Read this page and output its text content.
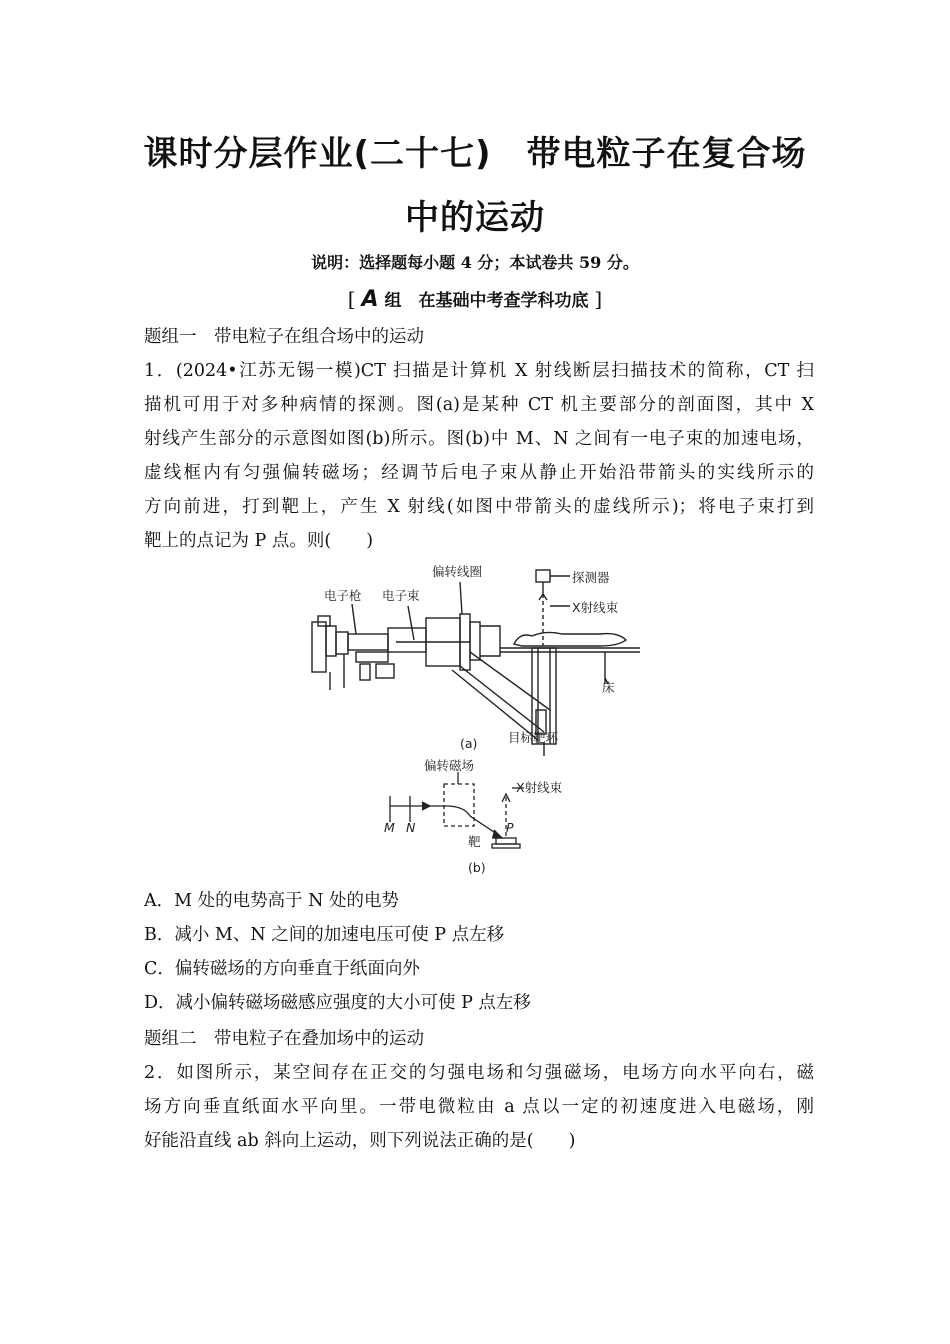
课时分层作业(二十七)　带电粒子在复合场
中的运动
说明：选择题每小题 4 分；本试卷共 59 分。
[ A 组　在基础中考查学科功底 ]
题组一　带电粒子在组合场中的运动
1．(2024•江苏无锡一模)CT 扫描是计算机 X 射线断层扫描技术的简称，CT 扫
描机可用于对多种病情的探测。图(a)是某种 CT 机主要部分的剖面图，其中 X
射线产生部分的示意图如图(b)所示。图(b)中 M、N 之间有一电子束的加速电场，
虚线框内有匀强偏转磁场；经调节后电子束从静止开始沿带箭头的实线所示的
方向前进，打到靶上，产生 X 射线(如图中带箭头的虚线所示)；将电子束打到
靶上的点记为 P 点。则(　　)
偏转线圈	探测器
电子枪 电子束
X射线束
床
目标靶环
(a)
偏转磁场
X射线束
M N
靶
P
(b)
A．M 处的电势高于 N 处的电势
B．减小 M、N 之间的加速电压可使 P 点左移
C．偏转磁场的方向垂直于纸面向外
D．减小偏转磁场磁感应强度的大小可使 P 点左移
题组二　带电粒子在叠加场中的运动
2．如图所示，某空间存在正交的匀强电场和匀强磁场，电场方向水平向右，磁
场方向垂直纸面水平向里。一带电微粒由 a 点以一定的初速度进入电磁场，刚
好能沿直线 ab 斜向上运动，则下列说法正确的是(　　)
